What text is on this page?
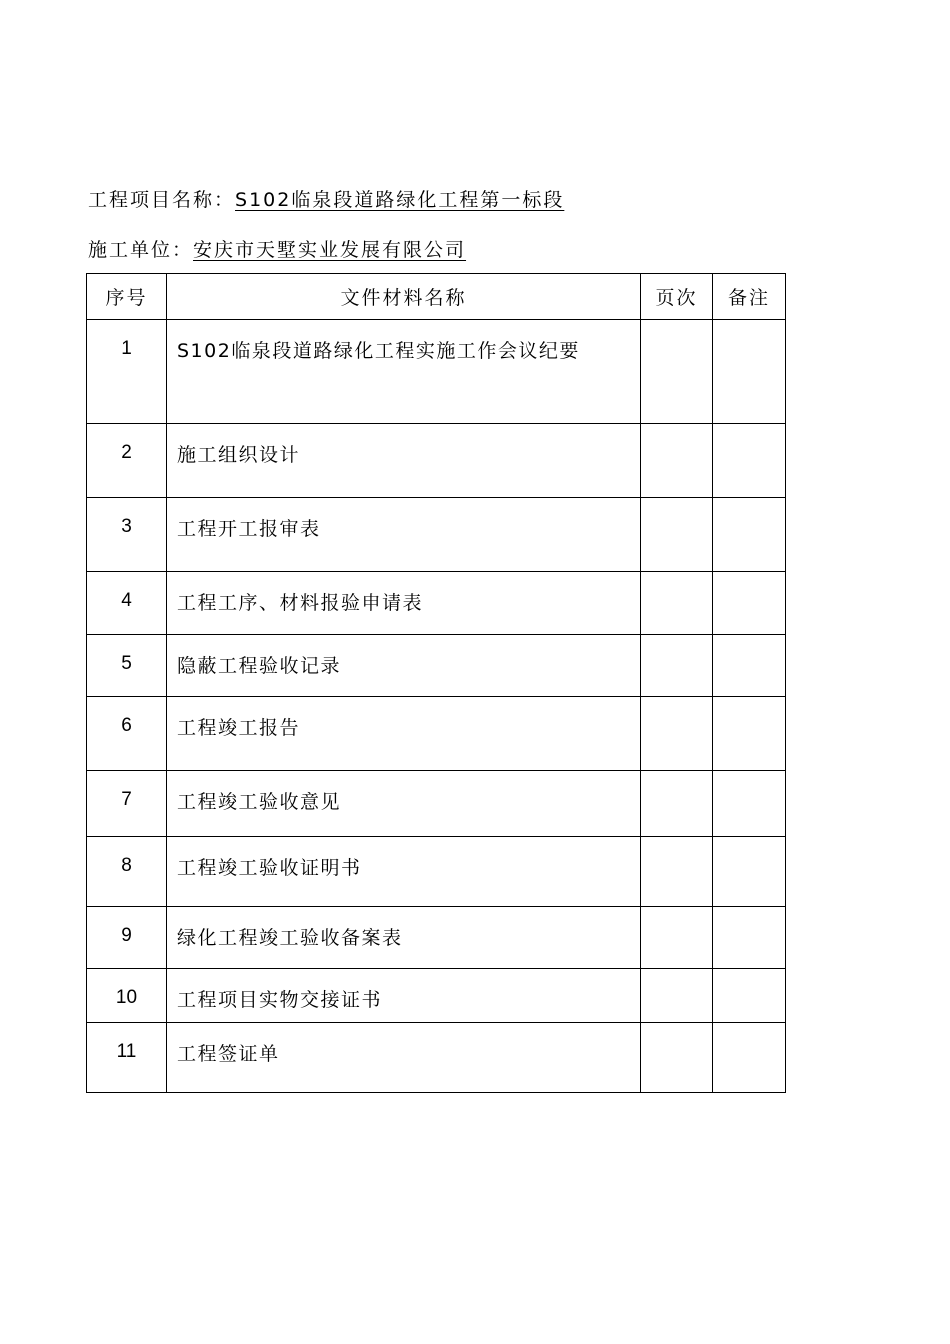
工程项目名称：S102临泉段道路绿化工程第一标段
施工单位：安庆市天墅实业发展有限公司
序号	文件材料名称	页次	备注
1	S102临泉段道路绿化工程实施工作会议纪要		
2	施工组织设计		
3	工程开工报审表		
4	工程工序、材料报验申请表		
5	隐蔽工程验收记录		
6	工程竣工报告		
7	工程竣工验收意见		
8	工程竣工验收证明书		
9	绿化工程竣工验收备案表		
10	工程项目实物交接证书		
11	工程签证单		
